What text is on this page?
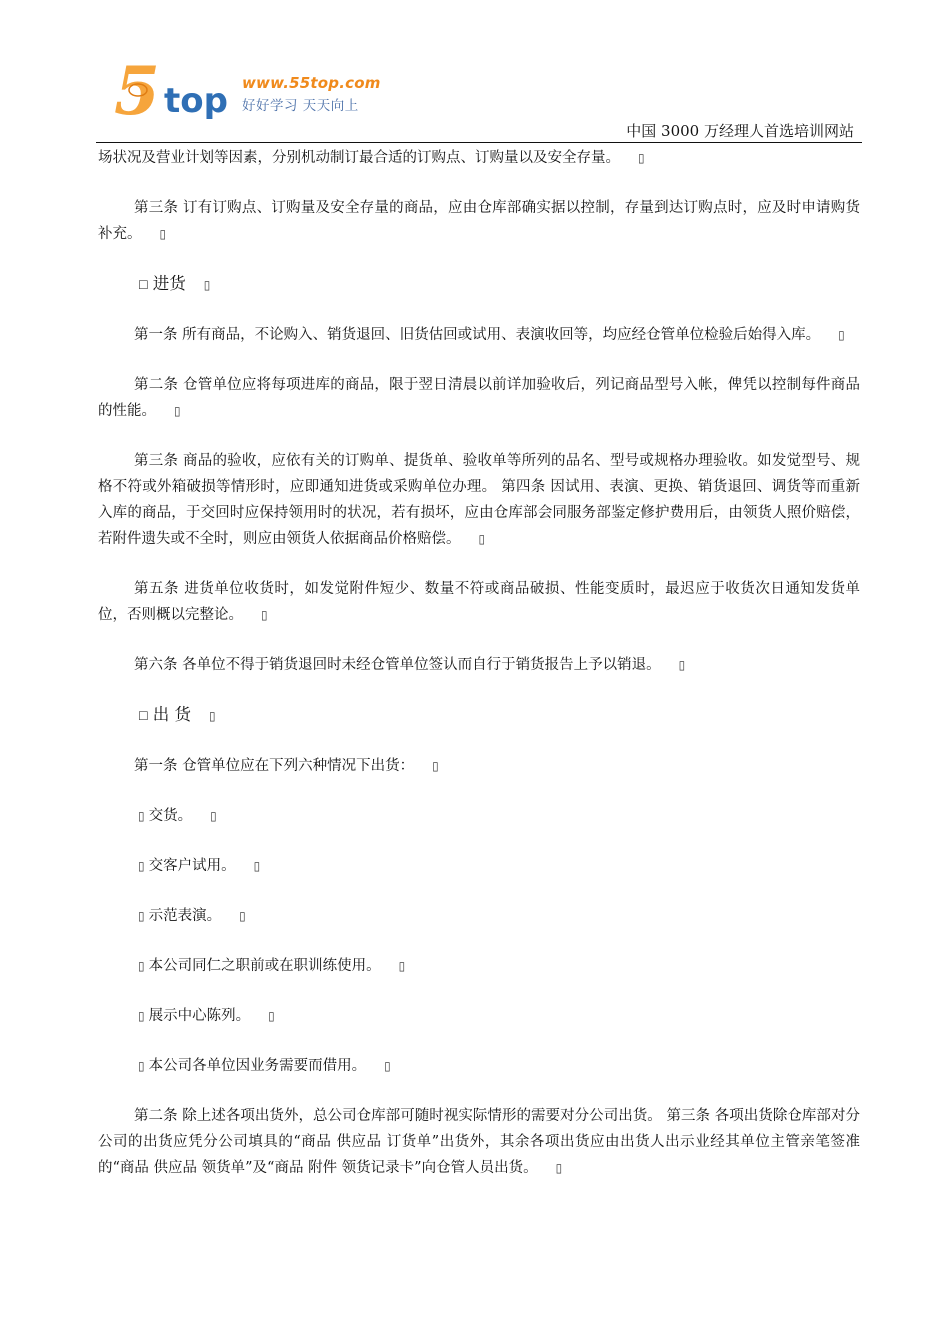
5 top www.55top.com
好好学习 天天向上
中国 3000 万经理人首选培训网站

场状况及营业计划等因素，分别机动制订最合适的订购点、订购量以及安全存量。 ▯

第三条 订有订购点、订购量及安全存量的商品，应由仓库部确实据以控制，存量到达订购点时，应及时申请购货补充。 ▯

☐ 进货 ▯

第一条 所有商品，不论购入、销货退回、旧货估回或试用、表演收回等，均应经仓管单位检验后始得入库。 ▯

第二条 仓管单位应将每项进库的商品，限于翌日清晨以前详加验收后，列记商品型号入帐，俾凭以控制每件商品的性能。 ▯

第三条 商品的验收，应依有关的订购单、提货单、验收单等所列的品名、型号或规格办理验收。如发觉型号、规格不符或外箱破损等情形时，应即通知进货或采购单位办理。 第四条 因试用、表演、更换、销货退回、调货等而重新入库的商品，于交回时应保持领用时的状况，若有损坏，应由仓库部会同服务部鉴定修护费用后，由领货人照价赔偿，若附件遗失或不全时，则应由领货人依据商品价格赔偿。 ▯

第五条 进货单位收货时，如发觉附件短少、数量不符或商品破损、性能变质时，最迟应于收货次日通知发货单位，否则概以完整论。 ▯

第六条 各单位不得于销货退回时未经仓管单位签认而自行于销货报告上予以销退。 ▯

☐ 出 货 ▯

第一条 仓管单位应在下列六种情况下出货： ▯

▯ 交货。 ▯

▯ 交客户试用。 ▯

▯ 示范表演。 ▯

▯ 本公司同仁之职前或在职训练使用。 ▯

▯ 展示中心陈列。 ▯

▯ 本公司各单位因业务需要而借用。 ▯

第二条 除上述各项出货外，总公司仓库部可随时视实际情形的需要对分公司出货。 第三条 各项出货除仓库部对分公司的出货应凭分公司填具的“商品 供应品 订货单”出货外，其余各项出货应由出货人出示业经其单位主管亲笔签准的“商品 供应品 领货单”及“商品 附件 领货记录卡”向仓管人员出货。 ▯
